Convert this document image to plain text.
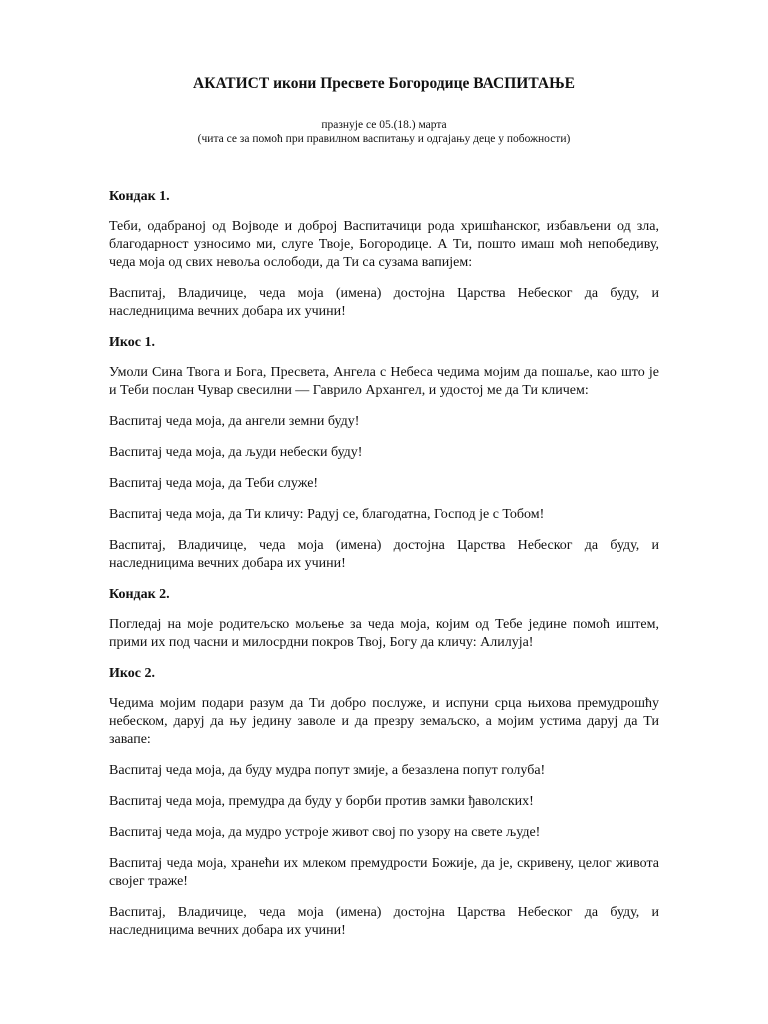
АКАТИСТ икони Пресвете Богородице ВАСПИТАЊЕ

празнује се 05.(18.) марта

(чита се за помоћ при правилном васпитању и одгајању деце у побожности)

Кондак 1.

Теби, одабраној од Војводе и доброј Васпитачици рода хришћанског, избављени од зла, благодарност узносимо ми, слуге Твоје, Богородице. А Ти, пошто имаш моћ непобедиву, чеда моја од свих невоља ослободи, да Ти са сузама вапијем:

Васпитај, Владичице, чеда моја (имена) достојна Царства Небеског да буду, и наследницима вечних добара их учини!

Икос 1.

Умоли Сина Твога и Бога, Пресвета, Ангела с Небеса чедима мојим да пошаље, као што је и Теби послан Чувар свесилни — Гаврило Архангел, и удостој ме да Ти кличем:

Васпитај чеда моја, да ангели земни буду!

Васпитај чеда моја, да људи небески буду!

Васпитај чеда моја, да Теби служе!

Васпитај чеда моја, да Ти кличу: Радуј се, благодатна, Господ је с Тобом!

Васпитај, Владичице, чеда моја (имена) достојна Царства Небеског да буду, и наследницима вечних добара их учини!

Кондак 2.

Погледај на моје родитељско мољење за чеда моја, којим од Тебе једине помоћ иштем, прими их под часни и милосрдни покров Твој, Богу да кличу: Алилуја!

Икос 2.

Чедима мојим подари разум да Ти добро послуже, и испуни срца њихова премудрошћу небеском, даруј да њу једину заволе и да презру земаљско, а мојим устима даруј да Ти завапе:

Васпитај чеда моја, да буду мудра попут змије, а безазлена попут голуба!

Васпитај чеда моја, премудра да буду у борби против замки ђаволских!

Васпитај чеда моја, да мудро устроје живот свој по узору на свете људе!

Васпитај чеда моја, хранећи их млеком премудрости Божије, да је, скривену, целог живота својег траже!

Васпитај, Владичице, чеда моја (имена) достојна Царства Небеског да буду, и наследницима вечних добара их учини!
